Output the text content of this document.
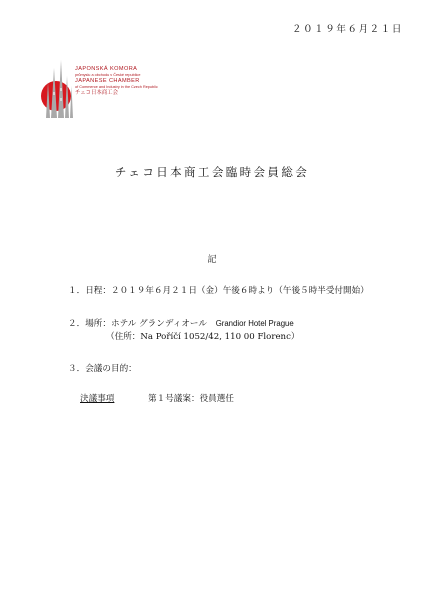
２０１９年６月２１日
JAPONSKÁ KOMORA
průmyslu a obchodu v České republice
JAPANESE CHAMBER
of Commerce and Industry in the Czech Republic
チェコ日本商工会
チェコ日本商工会臨時会員総会
記
１．日程：２０１９年６月２１日（金）午後６時より（午後５時半受付開始）
２．場所：ホテル グランディオール Grandior Hotel Prague
（住所：Na Poříčí 1052/42, 110 00 Florenc）
３．会議の目的：
決議事項	第１号議案：役員選任
